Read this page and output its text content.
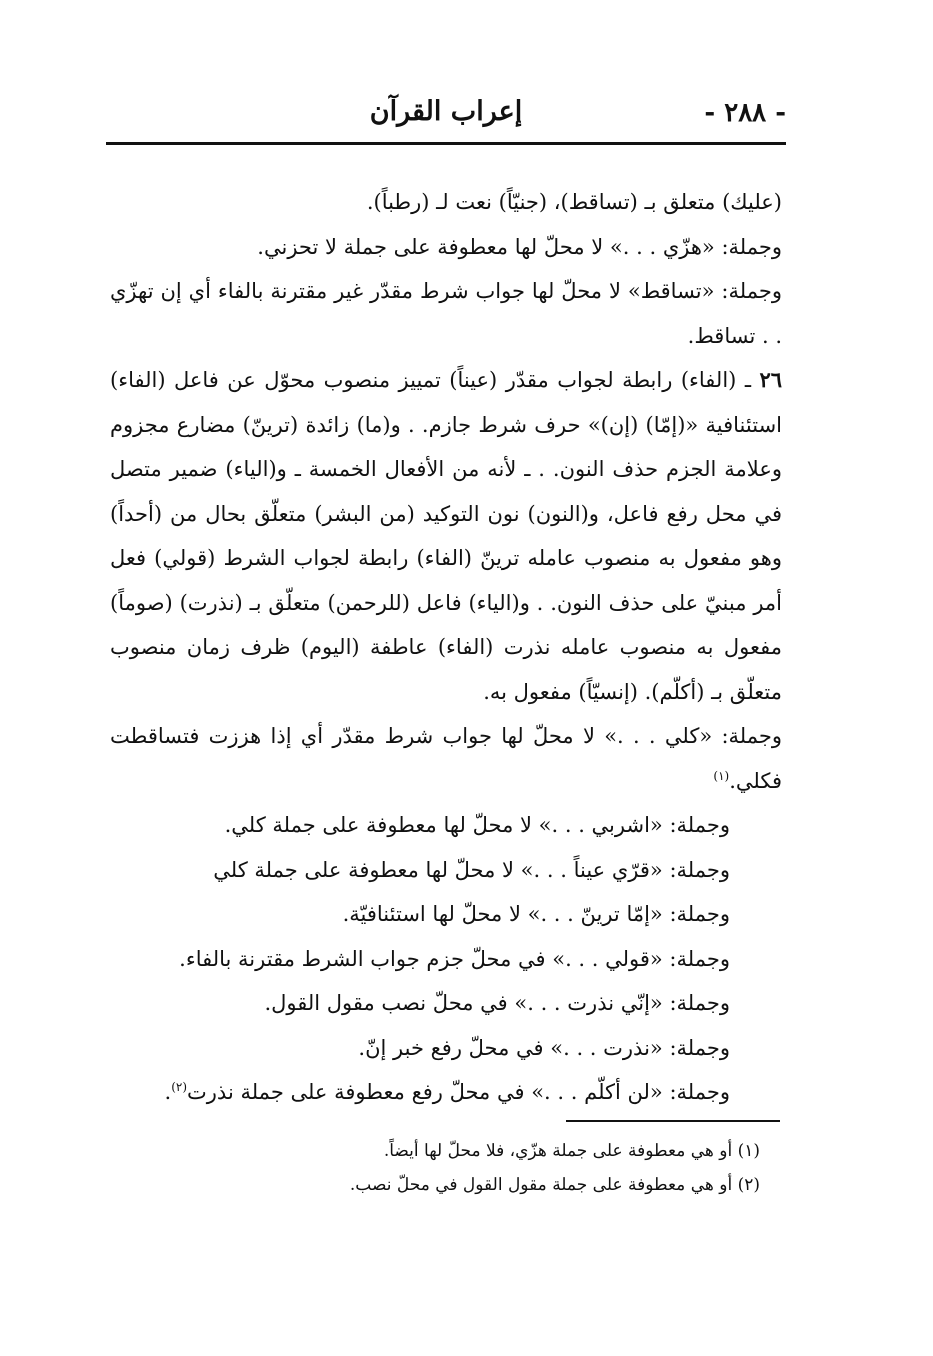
- ٢٨٨ -
إعراب القرآن

(عليك) متعلق بـ (تساقط)، (جنيّاً) نعت لـ (رطباً).

وجملة: «هزّي . . .» لا محلّ لها معطوفة على جملة لا تحزني.

وجملة: «تساقط» لا محلّ لها جواب شرط مقدّر غير مقترنة بالفاء أي إن تهزّي . . تساقط.

٢٦ ـ (الفاء) رابطة لجواب مقدّر (عيناً) تمييز منصوب محوّل عن فاعل (الفاء) استئنافية «(إمّا) (إن)» حرف شرط جازم. . و(ما) زائدة (ترينّ) مضارع مجزوم وعلامة الجزم حذف النون. . ـ لأنه من الأفعال الخمسة ـ و(الياء) ضمير متصل في محل رفع فاعل، و(النون) نون التوكيد (من البشر) متعلّق بحال من (أحداً) وهو مفعول به منصوب عامله ترينّ (الفاء) رابطة لجواب الشرط (قولي) فعل أمر مبنيّ على حذف النون. . و(الياء) فاعل (للرحمن) متعلّق بـ (نذرت) (صوماً) مفعول به منصوب عامله نذرت (الفاء) عاطفة (اليوم) ظرف زمان منصوب متعلّق بـ (أكلّم). (إنسيّاً) مفعول به.

وجملة: «كلي . . .» لا محلّ لها جواب شرط مقدّر أي إذا هززت فتساقطت فكلي.$^{(١)}$

وجملة: «اشربي . . .» لا محلّ لها معطوفة على جملة كلي.
وجملة: «قرّي عيناً . . .» لا محلّ لها معطوفة على جملة كلي
وجملة: «إمّا ترينّ . . .» لا محلّ لها استئنافيّة.
وجملة: «قولي . . .» في محلّ جزم جواب الشرط مقترنة بالفاء.
وجملة: «إنّي نذرت . . .» في محلّ نصب مقول القول.
وجملة: «نذرت . . .» في محلّ رفع خبر إنّ.
وجملة: «لن أكلّم . . .» في محلّ رفع معطوفة على جملة نذرت$^{(٢)}$.

(١) أو هي معطوفة على جملة هزّي، فلا محلّ لها أيضاً.

(٢) أو هي معطوفة على جملة مقول القول في محلّ نصب.
